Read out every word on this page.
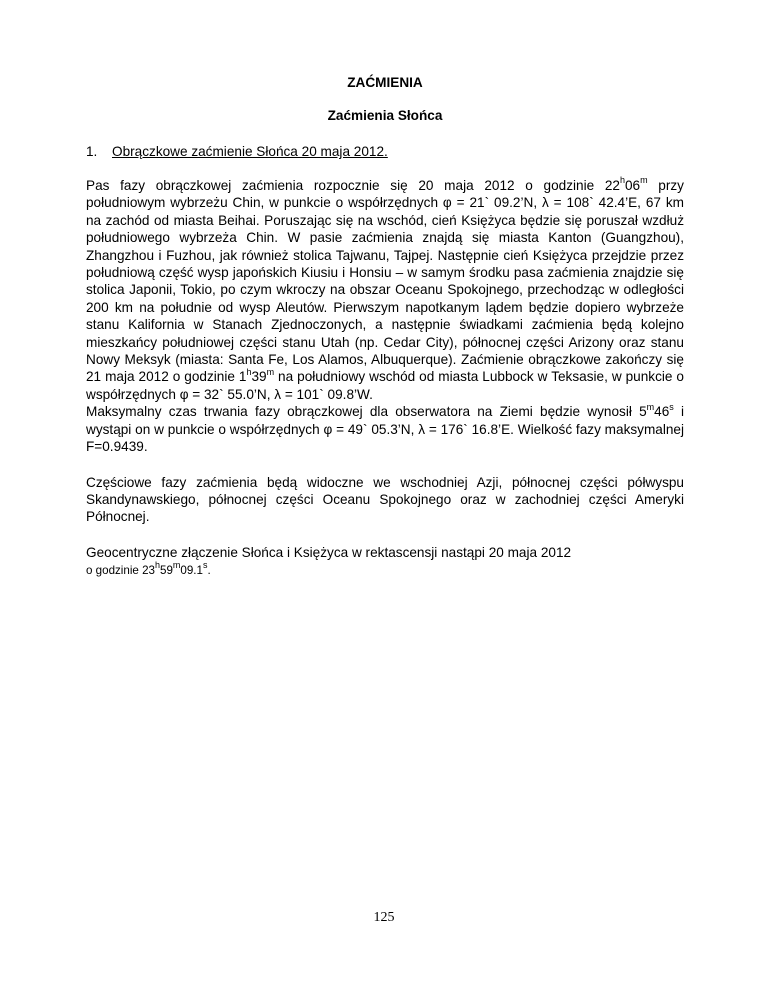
ZAĆMIENIA

Zaćmienia Słońca

1. Obrączkowe zaćmienie Słońca 20 maja 2012.

Pas fazy obrączkowej zaćmienia rozpocznie się 20 maja 2012 o godzinie 22$^h$06$^m$ przy południowym wybrzeżu Chin, w punkcie o współrzędnych φ = 21` 09.2’N, λ = 108` 42.4’E, 67 km na zachód od miasta Beihai. Poruszając się na wschód, cień Księżyca będzie się poruszał wzdłuż południowego wybrzeża Chin. W pasie zaćmienia znajdą się miasta Kanton (Guangzhou), Zhangzhou i Fuzhou, jak również stolica Tajwanu, Tajpej. Następnie cień Księżyca przejdzie przez południową część wysp japońskich Kiusiu i Honsiu – w samym środku pasa zaćmienia znajdzie się stolica Japonii, Tokio, po czym wkroczy na obszar Oceanu Spokojnego, przechodząc w odległości 200 km na południe od wysp Aleutów. Pierwszym napotkanym lądem będzie dopiero wybrzeże stanu Kalifornia w Stanach Zjednoczonych, a następnie świadkami zaćmienia będą kolejno mieszkańcy południowej części stanu Utah (np. Cedar City), północnej części Arizony oraz stanu Nowy Meksyk (miasta: Santa Fe, Los Alamos, Albuquerque). Zaćmienie obrączkowe zakończy się 21 maja 2012 o godzinie 1$^h$39$^m$ na południowy wschód od miasta Lubbock w Teksasie, w punkcie o współrzędnych φ = 32` 55.0’N, λ = 101` 09.8’W.
Maksymalny czas trwania fazy obrączkowej dla obserwatora na Ziemi będzie wynosił 5$^m$46$^s$ i wystąpi on w punkcie o współrzędnych φ = 49` 05.3’N, λ = 176` 16.8’E. Wielkość fazy maksymalnej F=0.9439.

Częściowe fazy zaćmienia będą widoczne we wschodniej Azji, północnej części półwyspu Skandynawskiego, północnej części Oceanu Spokojnego oraz w zachodniej części Ameryki Północnej.

Geocentryczne złączenie Słońca i Księżyca w rektascensji nastąpi 20 maja 2012
o godzinie 23$^h$59$^m$09.1$^s$.

125
